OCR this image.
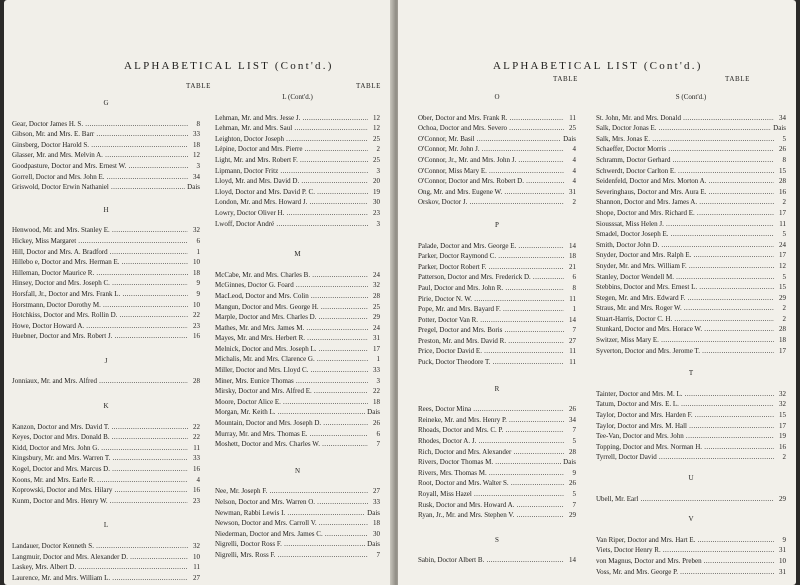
ALPHABETICAL LIST (Cont'd.)
TABLE	TABLE
G
Gear, Doctor James H. S. .....	8
Gibson, Mr. and Mrs. E. Barr .....	33
Ginsberg, Doctor Harold S. .....	18
Glasser, Mr. and Mrs. Melvin A. .....	12
Goodpasture, Doctor and Mrs. Ernest W. .....	3
Gorrell, Doctor and Mrs. John E. .....	34
Griswold, Doctor Erwin Nathaniel .....	Dais
H
Henwood, Mr. and Mrs. Stanley E. .....	32
Hickey, Miss Margaret .....	6
Hill, Doctor and Mrs. A. Bradford .....	1
Hillebo e, Doctor and Mrs. Herman E. .....	10
Hilleman, Doctor Maurice R. .....	18
Hinsey, Doctor and Mrs. Joseph C. .....	9
Horsfall, Jr., Doctor and Mrs. Frank L. .....	9
Horstmann, Doctor Dorothy M. .....	10
Hotchkiss, Doctor and Mrs. Rollin D. .....	22
Howe, Doctor Howard A. .....	23
Huebner, Doctor and Mrs. Robert J. .....	16
J
Jonniaux, Mr. and Mrs. Alfred .....	28
K
Kanzon, Doctor and Mrs. David T. .....	22
Keyes, Doctor and Mrs. Donald B. .....	22
Kidd, Doctor and Mrs. John G. .....	11
Kingsbury, Mr. and Mrs. Warren T. .....	33
Kogel, Doctor and Mrs. Marcus D. .....	16
Koons, Mr. and Mrs. Earle R. .....	4
Koprowski, Doctor and Mrs. Hilary .....	16
Kunm, Doctor and Mrs. Henry W. .....	23
L
Landauer, Doctor Kenneth S. .....	32
Langmuir, Doctor and Mrs. Alexander D. .....	10
Laskey, Mrs. Albert D. .....	11
Laurence, Mr. and Mrs. William L. .....	27
L (Cont'd.)
Lehman, Mr. and Mrs. Jesse J. .....	12
Lehman, Mr. and Mrs. Saul .....	12
Leighton, Doctor Joseph .....	25
Lépine, Doctor and Mrs. Pierre .....	2
Light, Mr. and Mrs. Robert F. .....	25
Lipmann, Doctor Fritz .....	3
Lloyd, Mr. and Mrs. David D. .....	20
Lloyd, Doctor and Mrs. David P. C. .....	19
London, Mr. and Mrs. Howard J. .....	30
Lowry, Doctor Oliver H. .....	23
Lwoff, Doctor André .....	3
M
McCabe, Mr. and Mrs. Charles B. .....	24
McGinnes, Doctor G. Foard .....	32
MacLeod, Doctor and Mrs. Colin .....	28
Mangun, Doctor and Mrs. George H. .....	25
Marple, Doctor and Mrs. Charles D. .....	29
Mathes, Mr. and Mrs. James M. .....	24
Mayes, Mr. and Mrs. Herbert R. .....	31
Melnick, Doctor and Mrs. Joseph L. .....	17
Michalis, Mr. and Mrs. Clarence G. .....	1
Miller, Doctor and Mrs. Lloyd C. .....	33
Miner, Mrs. Eunice Thomas .....	3
Mirsky, Doctor and Mrs. Alfred E. .....	22
Moore, Doctor Alice E. .....	18
Morgan, Mr. Keith L. .....	Dais
Mountain, Doctor and Mrs. Joseph D. .....	26
Murray, Mr. and Mrs. Thomas E. .....	6
Moshett, Doctor and Mrs. Charles W. .....	7
N
Nee, Mr. Joseph F. .....	27
Nelson, Doctor and Mrs. Warren O. .....	33
Newman, Rabbi Lewis I. .....	Dais
Newson, Doctor and Mrs. Carroll V. .....	18
Niederman, Doctor and Mrs. James C. .....	30
Nigrelli, Doctor Ross F. .....	Dais
Nigrelli, Mrs. Ross F. .....	7
ALPHABETICAL LIST (Cont'd.)
TABLE	TABLE
O
Ober, Doctor and Mrs. Frank R. .....	11
Ochoa, Doctor and Mrs. Severo .....	25
O'Connor, Mr. Basil .....	Dais
O'Connor, Mr. John J. .....	4
O'Connor, Jr., Mr. and Mrs. John J. .....	4
O'Connor, Miss Mary E. .....	4
O'Connor, Doctor and Mrs. Robert D. .....	4
Ong, Mr. and Mrs. Eugene W. .....	31
Orskov, Doctor J. .....	2
P
Palade, Doctor and Mrs. George E. .....	14
Parker, Doctor Raymond C. .....	18
Parker, Doctor Robert F. .....	21
Patterson, Doctor and Mrs. Frederick D. .....	6
Paul, Doctor and Mrs. John R. .....	8
Pirie, Doctor N. W. .....	11
Pope, Mr. and Mrs. Bayard F. .....	1
Potter, Doctor Van R. .....	14
Pregel, Doctor and Mrs. Boris .....	7
Preston, Mr. and Mrs. David R. .....	27
Price, Doctor David E. .....	11
Puck, Doctor Theodore T. .....	11
R
Rees, Doctor Mina .....	26
Reineke, Mr. and Mrs. Henry P. .....	34
Rhoads, Doctor and Mrs. C. P. .....	7
Rhodes, Doctor A. J. .....	5
Rich, Doctor and Mrs. Alexander .....	28
Rivers, Doctor Thomas M. .....	Dais
Rivers, Mrs. Thomas M. .....	9
Root, Doctor and Mrs. Walter S. .....	26
Royall, Miss Hazel .....	5
Rusk, Doctor and Mrs. Howard A. .....	7
Ryan, Jr., Mr. and Mrs. Stephen V. .....	29
S
Sabin, Doctor Albert B. .....	14
S (Cont'd.)
St. John, Mr. and Mrs. Donald .....	34
Salk, Doctor Jonas E. .....	Dais
Salk, Mrs. Jonas E. .....	5
Schaeffer, Doctor Morris .....	26
Schramm, Doctor Gerhard .....	8
Schwerdt, Doctor Carlton E. .....	15
Seidenfeld, Doctor and Mrs. Morton A. .....	28
Severinghaus, Doctor and Mrs. Aura E. .....	16
Shannon, Doctor and Mrs. James A. .....	2
Shope, Doctor and Mrs. Richard E. .....	17
Siousssat, Miss Helen J. .....	11
Smadel, Doctor Joseph E. .....	5
Smith, Doctor John D. .....	24
Snyder, Doctor and Mrs. Ralph E. .....	17
Snyder, Mr. and Mrs. William F. .....	12
Stanley, Doctor Wendell M. .....	5
Stebbins, Doctor and Mrs. Ernest L. .....	15
Stegen, Mr. and Mrs. Edward F. .....	29
Straus, Mr. and Mrs. Roger W. .....	2
Stuart-Harris, Doctor C. H. .....	2
Stunkard, Doctor and Mrs. Horace W. .....	28
Switzer, Miss Mary E. .....	18
Syverton, Doctor and Mrs. Jerome T. .....	17
T
Tainter, Doctor and Mrs. M. L. .....	32
Tatum, Doctor and Mrs. E. L. .....	32
Taylor, Doctor and Mrs. Harden F. .....	15
Taylor, Doctor and Mrs. M. Hall .....	17
Tee-Van, Doctor and Mrs. John .....	19
Topping, Doctor and Mrs. Norman H. .....	16
Tyrrell, Doctor David .....	2
U
Ubell, Mr. Earl .....	29
V
Van Riper, Doctor and Mrs. Hart E. .....	9
Viets, Doctor Henry R. .....	31
von Magnus, Doctor and Mrs. Preben .....	10
Voss, Mr. and Mrs. George P. .....	31
